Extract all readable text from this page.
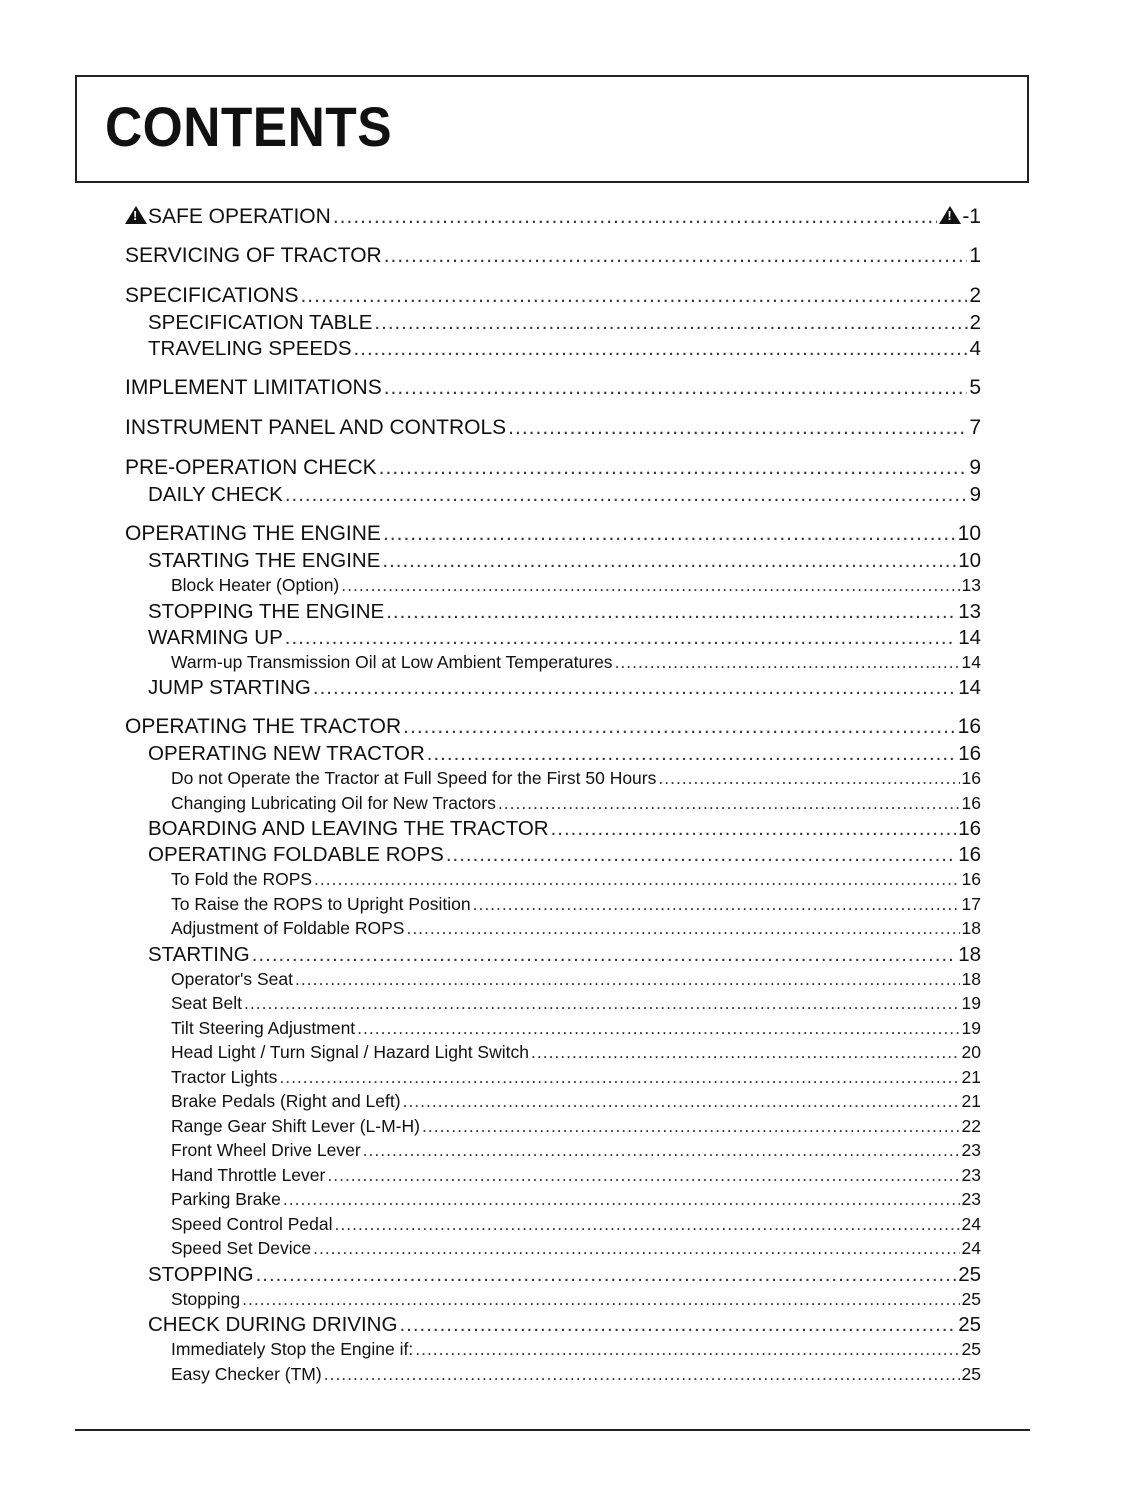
CONTENTS
!SAFE OPERATION ..... !	-1
SERVICING OF TRACTOR .....	1
SPECIFICATIONS .....	2
SPECIFICATION TABLE .....	2
TRAVELING SPEEDS .....	4
IMPLEMENT LIMITATIONS .....	5
INSTRUMENT PANEL AND CONTROLS .....	7
PRE-OPERATION CHECK .....	9
DAILY CHECK .....	9
OPERATING THE ENGINE .....	10
STARTING THE ENGINE .....	10
Block Heater (Option) .....	13
STOPPING THE ENGINE .....	13
WARMING UP .....	14
Warm-up Transmission Oil at Low Ambient Temperatures .....	14
JUMP STARTING .....	14
OPERATING THE TRACTOR .....	16
OPERATING NEW TRACTOR .....	16
Do not Operate the Tractor at Full Speed for the First 50 Hours .....	16
Changing Lubricating Oil for New Tractors .....	16
BOARDING AND LEAVING THE TRACTOR .....	16
OPERATING FOLDABLE ROPS .....	16
To Fold the ROPS .....	16
To Raise the ROPS to Upright Position .....	17
Adjustment of Foldable ROPS .....	18
STARTING .....	18
Operator's Seat .....	18
Seat Belt .....	19
Tilt Steering Adjustment .....	19
Head Light / Turn Signal / Hazard Light Switch .....	20
Tractor Lights .....	21
Brake Pedals (Right and Left) .....	21
Range Gear Shift Lever (L-M-H) .....	22
Front Wheel Drive Lever .....	23
Hand Throttle Lever .....	23
Parking Brake .....	23
Speed Control Pedal .....	24
Speed Set Device .....	24
STOPPING .....	25
Stopping .....	25
CHECK DURING DRIVING .....	25
Immediately Stop the Engine if: .....	25
Easy Checker (TM) .....	25
